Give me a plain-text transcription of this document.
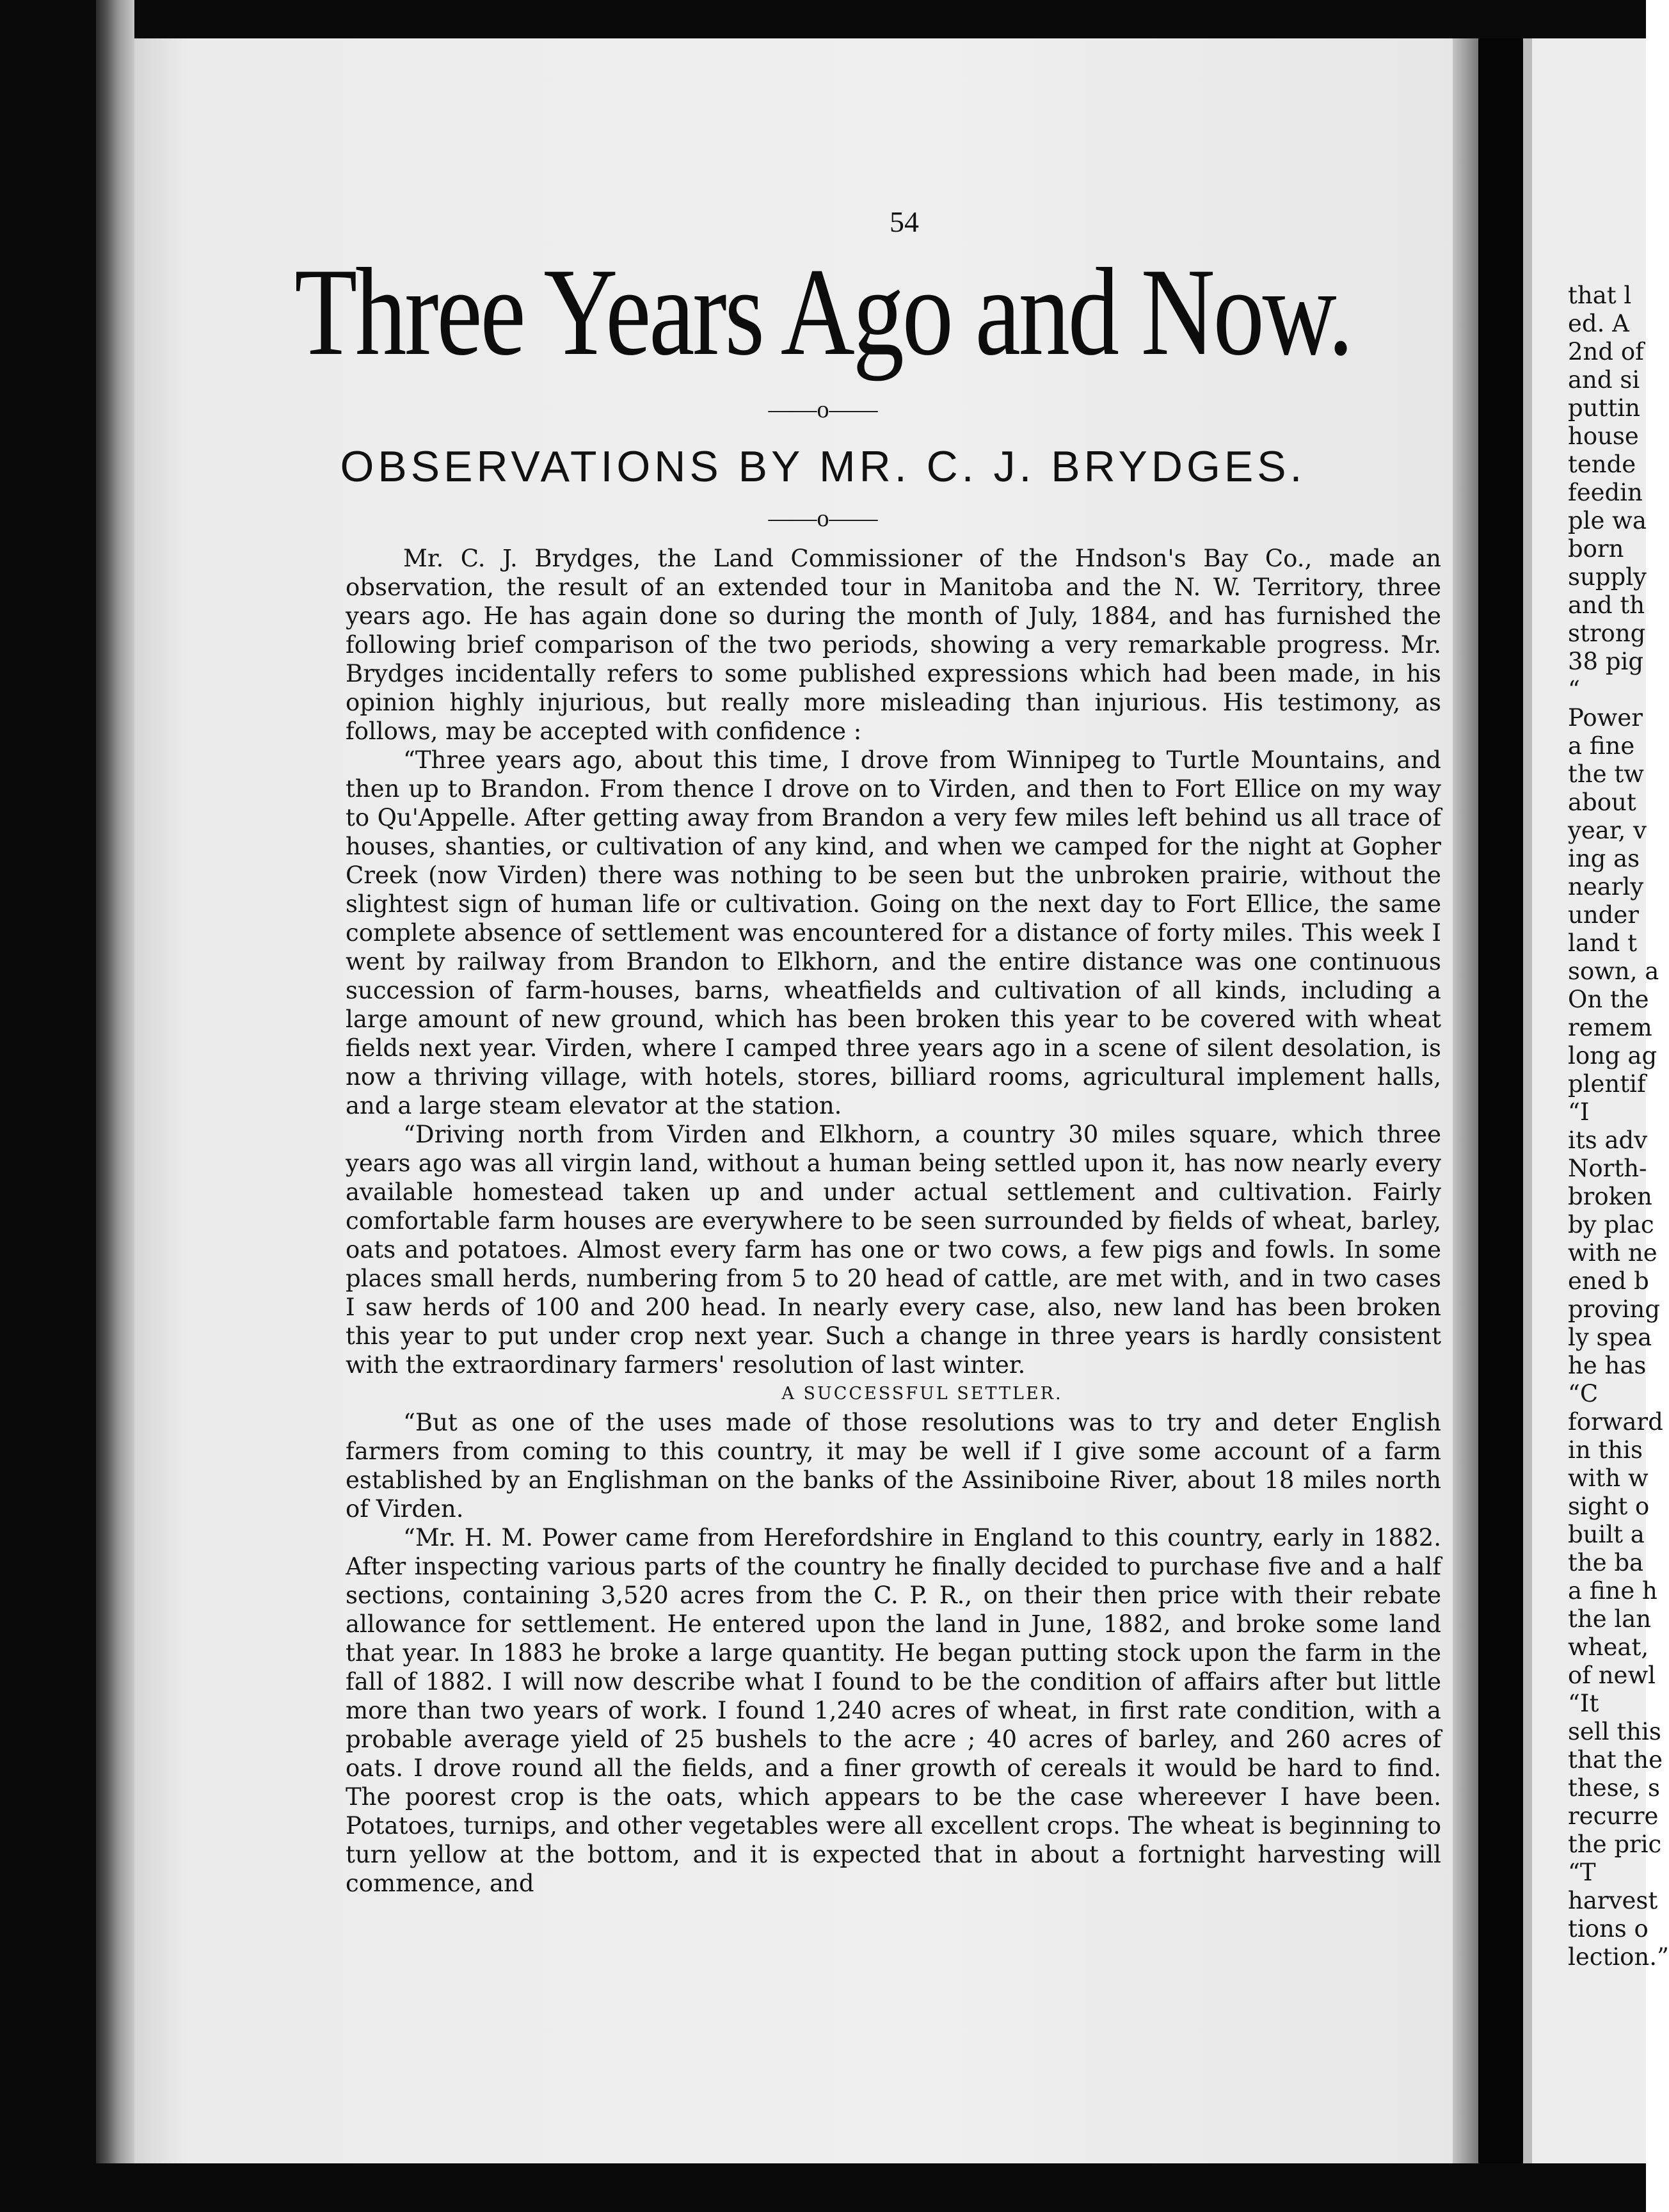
54
Three Years Ago and Now.
——o——
OBSERVATIONS BY MR. C. J. BRYDGES.
——o——

Mr. C. J. Brydges, the Land Commissioner of the Hndson's Bay Co., made an observation, the result of an extended tour in Manitoba and the N. W. Territory, three years ago. He has again done so during the month of July, 1884, and has furnished the following brief comparison of the two periods, showing a very remarkable progress. Mr. Brydges incidentally refers to some published expressions which had been made, in his opinion highly injurious, but really more misleading than injurious. His testimony, as follows, may be accepted with confidence :

“Three years ago, about this time, I drove from Winnipeg to Turtle Mountains, and then up to Brandon. From thence I drove on to Virden, and then to Fort Ellice on my way to Qu'Appelle. After getting away from Brandon a very few miles left behind us all trace of houses, shanties, or cultivation of any kind, and when we camped for the night at Gopher Creek (now Virden) there was nothing to be seen but the unbroken prairie, without the slightest sign of human life or cultivation. Going on the next day to Fort Ellice, the same complete absence of settlement was encountered for a distance of forty miles. This week I went by railway from Brandon to Elkhorn, and the entire distance was one continuous succession of farm-houses, barns, wheatfields and cultivation of all kinds, including a large amount of new ground, which has been broken this year to be covered with wheat fields next year. Virden, where I camped three years ago in a scene of silent desolation, is now a thriving village, with hotels, stores, billiard rooms, agricultural implement halls, and a large steam elevator at the station.

“Driving north from Virden and Elkhorn, a country 30 miles square, which three years ago was all virgin land, without a human being settled upon it, has now nearly every available homestead taken up and under actual settlement and cultivation. Fairly comfortable farm houses are everywhere to be seen surrounded by fields of wheat, barley, oats and potatoes. Almost every farm has one or two cows, a few pigs and fowls. In some places small herds, numbering from 5 to 20 head of cattle, are met with, and in two cases I saw herds of 100 and 200 head. In nearly every case, also, new land has been broken this year to put under crop next year. Such a change in three years is hardly consistent with the extraordinary farmers' resolution of last winter.

A SUCCESSFUL SETTLER.

“But as one of the uses made of those resolutions was to try and deter English farmers from coming to this country, it may be well if I give some account of a farm established by an Englishman on the banks of the Assiniboine River, about 18 miles north of Virden.

“Mr. H. M. Power came from Herefordshire in England to this country, early in 1882. After inspecting various parts of the country he finally decided to purchase five and a half sections, containing 3,520 acres from the C. P. R., on their then price with their rebate allowance for settlement. He entered upon the land in June, 1882, and broke some land that year. In 1883 he broke a large quantity. He began putting stock upon the farm in the fall of 1882. I will now describe what I found to be the condition of affairs after but little more than two years of work. I found 1,240 acres of wheat, in first rate condition, with a probable average yield of 25 bushels to the acre ; 40 acres of barley, and 260 acres of oats. I drove round all the fields, and a finer growth of cereals it would be hard to find. The poorest crop is the oats, which appears to be the case whereever I have been. Potatoes, turnips, and other vegetables were all excellent crops. The wheat is beginning to turn yellow at the bottom, and it is expected that in about a fortnight harvesting will commence, and

that l
ed. A
2nd of
and si
puttin
house
tende
feedin
ple wa
born
supply
and th
strong
38 pig
“
Power
a fine
the tw
about
year, v
ing as
nearly
under
land t
sown, a
On the
remem
long ag
plentif
“I
its adv
North-
broken
by plac
with ne
ened b
proving
ly spea
he has
“C
forward
in this
with w
sight o
built a
the ba
a fine h
the lan
wheat,
of newl
“It
sell this
that the
these, s
recurre
the pric
“T
harvest
tions o
lection.”
